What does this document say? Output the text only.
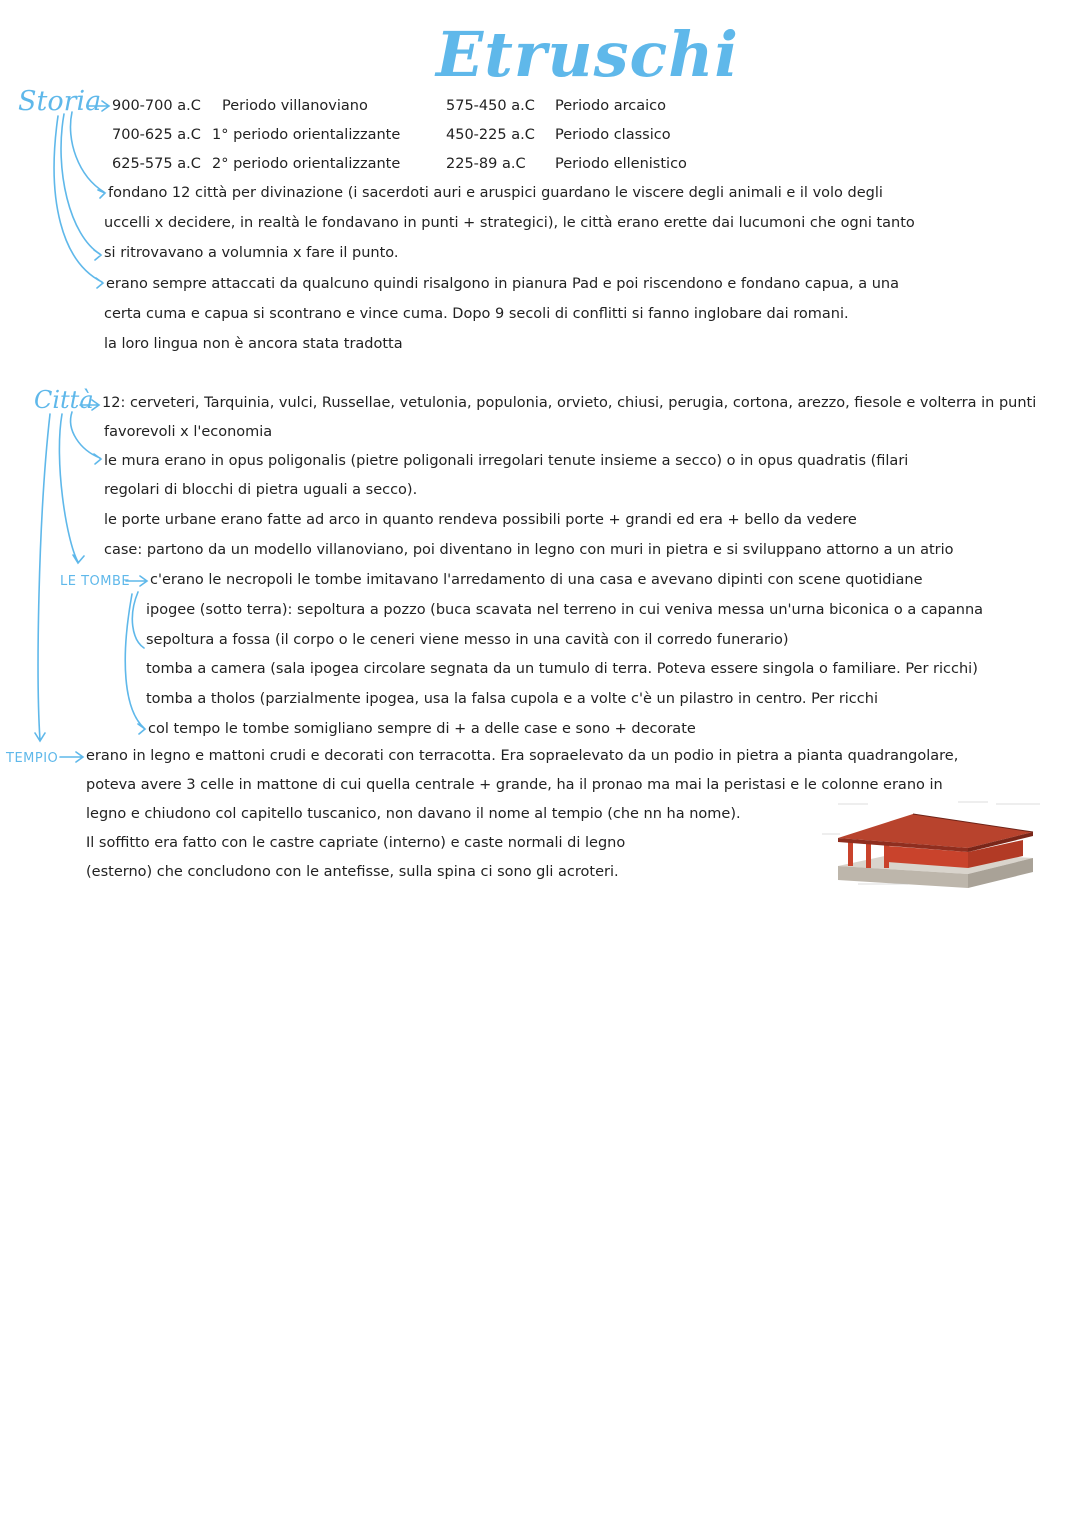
Etruschi
Storia
Città
LE TOMBE
TEMPIO
900-700 a.C Periodo villanoviano
700-625 a.C 1° periodo orientalizzante
625-575 a.C 2° periodo orientalizzante
575-450 a.C Periodo arcaico
450-225 a.C Periodo classico
225-89 a.C Periodo ellenistico
fondano 12 città per divinazione (i sacerdoti auri e aruspici guardano le viscere degli animali e il volo degli
uccelli x decidere, in realtà le fondavano in punti + strategici), le città erano erette dai lucumoni che ogni tanto
si ritrovavano a volumnia x fare il punto.
erano sempre attaccati da qualcuno quindi risalgono in pianura Pad e poi riscendono e fondano capua, a una
certa cuma e capua si scontrano e vince cuma. Dopo 9 secoli di conflitti si fanno inglobare dai romani.
la loro lingua non è ancora stata tradotta
12: cerveteri, Tarquinia, vulci, Russellae, vetulonia, populonia, orvieto, chiusi, perugia, cortona, arezzo, fiesole e volterra in punti
favorevoli x l'economia
le mura erano in opus poligonalis (pietre poligonali irregolari tenute insieme a secco) o in opus quadratis (filari
regolari di blocchi di pietra uguali a secco).
le porte urbane erano fatte ad arco in quanto rendeva possibili porte + grandi ed era + bello da vedere
case: partono da un modello villanoviano, poi diventano in legno con muri in pietra e si sviluppano attorno a un atrio
c'erano le necropoli le tombe imitavano l'arredamento di una casa e avevano dipinti con scene quotidiane
ipogee (sotto terra): sepoltura a pozzo (buca scavata nel terreno in cui veniva messa un'urna biconica o a capanna
sepoltura a fossa (il corpo o le ceneri viene messo in una cavità con il corredo funerario)
tomba a camera (sala ipogea circolare segnata da un tumulo di terra. Poteva essere singola o familiare. Per ricchi)
tomba a tholos (parzialmente ipogea, usa la falsa cupola e a volte c'è un pilastro in centro. Per ricchi
col tempo le tombe somigliano sempre di + a delle case e sono + decorate
erano in legno e mattoni crudi e decorati con terracotta. Era sopraelevato da un podio in pietra a pianta quadrangolare,
poteva avere 3 celle in mattone di cui quella centrale + grande, ha il pronao ma mai la peristasi e le colonne erano in
legno e chiudono col capitello tuscanico, non davano il nome al tempio (che nn ha nome).
Il soffitto era fatto con le castre capriate (interno) e caste normali di legno
(esterno) che concludono con le antefisse, sulla spina ci sono gli acroteri.
